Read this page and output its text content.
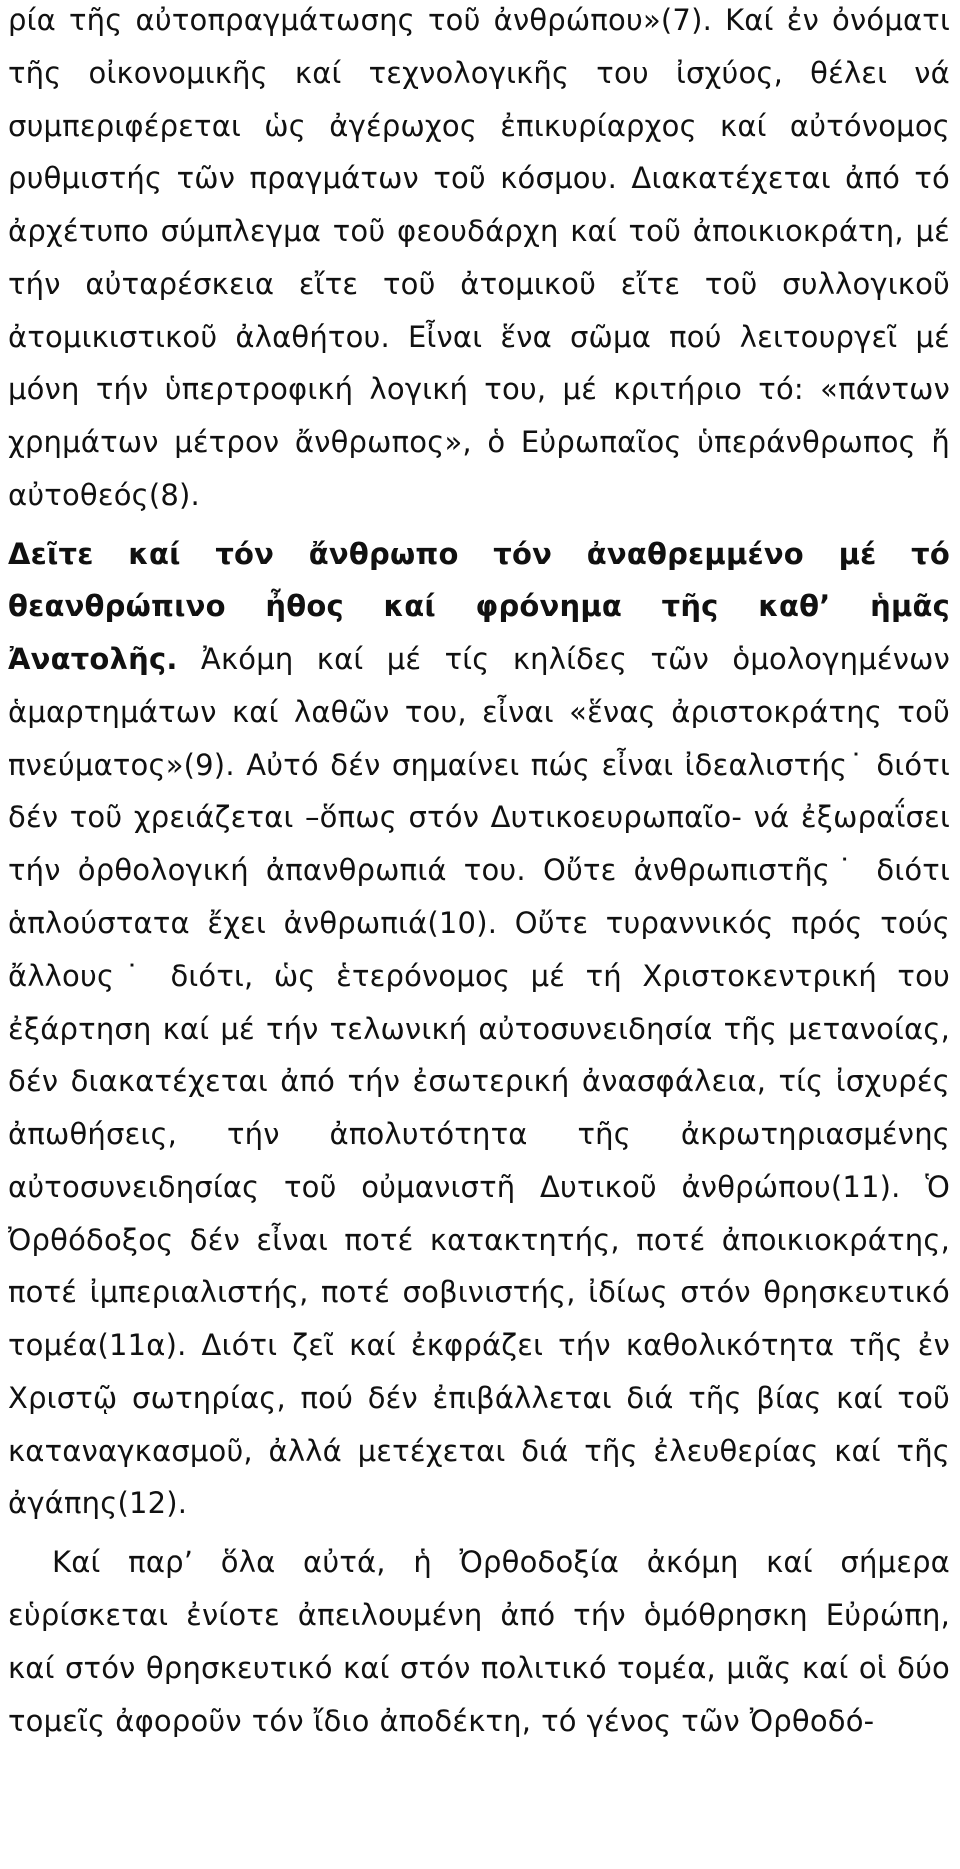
ρία τῆς αὐτοπραγμάτωσης τοῦ ἀνθρώπου»(7). Καί ἐν ὀνόματι τῆς οἰκονομικῆς καί τεχνολογικῆς του ἰσχύος, θέλει νά συμπεριφέρεται ὡς ἀγέρωχος ἐπικυρίαρχος καί αὐτόνομος ρυθμιστής τῶν πραγμάτων τοῦ κόσμου. Διακατέχεται ἀπό τό ἀρχέτυπο σύμπλεγμα τοῦ φεουδάρχη καί τοῦ ἀποικιοκράτη, μέ τήν αὐταρέσκεια εἴτε τοῦ ἀτομικοῦ εἴτε τοῦ συλλογικοῦ ἀτομικιστικοῦ ἀλαθήτου. Εἶναι ἕνα σῶμα πού λειτουργεῖ μέ μόνη τήν ὑπερτροφική λογική του, μέ κριτήριο τό: «πάντων χρημάτων μέτρον ἄνθρωπος», ὁ Εὐρωπαῖος ὑπεράνθρωπος ἤ αὐτοθεός(8).

Δεῖτε καί τόν ἄνθρωπο τόν ἀναθρεμμένο μέ τό θεανθρώπινο ἦθος καί φρόνημα τῆς καθ’ ἡμᾶς Ἀνατολῆς. Ἀκόμη καί μέ τίς κηλίδες τῶν ὁμολογημένων ἁμαρτημάτων καί λαθῶν του, εἶναι «ἕνας ἀριστοκράτης τοῦ πνεύματος»(9). Αὐτό δέν σημαίνει πώς εἶναι ἰδεαλιστής˙ διότι δέν τοῦ χρειάζεται –ὅπως στόν Δυτικοευρωπαῖο- νά ἐξωραΐσει τήν ὀρθολογική ἀπανθρωπιά του. Οὔτε ἀνθρωπιστῆς˙ διότι ἁπλούστατα ἔχει ἀνθρωπιά(10). Οὔτε τυραννικός πρός τούς ἄλλους˙ διότι, ὡς ἑτερόνομος μέ τή Χριστοκεντρική του ἐξάρτηση καί μέ τήν τελωνική αὐτοσυνειδησία τῆς μετανοίας, δέν διακατέχεται ἀπό τήν ἐσωτερική ἀνασφάλεια, τίς ἰσχυρές ἀπωθήσεις, τήν ἀπολυτότητα τῆς ἀκρωτηριασμένης αὐτοσυνειδησίας τοῦ οὐμανιστῆ Δυτικοῦ ἀνθρώπου(11). Ὁ Ὀρθόδοξος δέν εἶναι ποτέ κατακτητής, ποτέ ἀποικιοκράτης, ποτέ ἰμπεριαλιστής, ποτέ σοβινιστής, ἰδίως στόν θρησκευτικό τομέα(11α). Διότι ζεῖ καί ἐκφράζει τήν καθολικότητα τῆς ἐν Χριστῷ σωτηρίας, πού δέν ἐπιβάλλεται διά τῆς βίας καί τοῦ καταναγκασμοῦ, ἀλλά μετέχεται διά τῆς ἐλευθερίας καί τῆς ἀγάπης(12).

Καί παρ’ ὅλα αὐτά, ἡ Ὀρθοδοξία ἀκόμη καί σήμερα εὑρίσκεται ἐνίοτε ἀπειλουμένη ἀπό τήν ὁμόθρησκη Εὐρώπη, καί στόν θρησκευτικό καί στόν πολιτικό τομέα, μιᾶς καί οἱ δύο τομεῖς ἀφοροῦν τόν ἴδιο ἀποδέκτη, τό γένος τῶν Ὀρθοδό-
